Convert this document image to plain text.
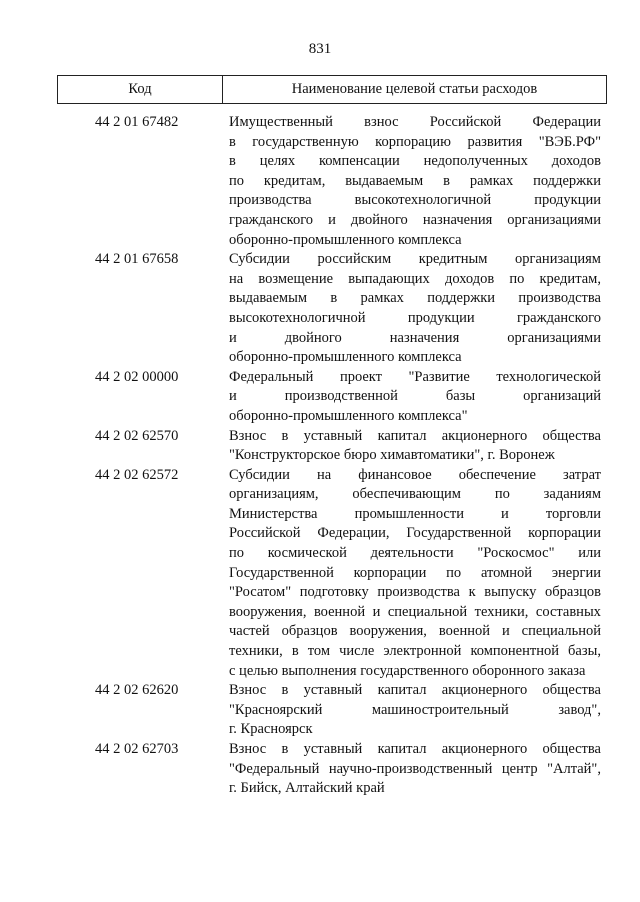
831
Код	Наименование целевой статьи расходов
44 2 01 67482	Имущественный взнос Российской Федерации
в государственную корпорацию развития "ВЭБ.РФ"
в целях компенсации недополученных доходов
по кредитам, выдаваемым в рамках поддержки
производства	высокотехнологичной	продукции
гражданского и двойного назначения организациями
оборонно-промышленного комплекса
44 2 01 67658	Субсидии российским кредитным организациям
на возмещение выпадающих доходов по кредитам,
выдаваемым в рамках поддержки производства
высокотехнологичной	продукции	гражданского
и	двойного	назначения	организациями
оборонно-промышленного комплекса
44 2 02 00000	Федеральный проект "Развитие технологической
и	производственной	базы	организаций
оборонно-промышленного комплекса"
44 2 02 62570	Взнос в уставный капитал акционерного общества
"Конструкторское бюро химавтоматики", г. Воронеж
44 2 02 62572	Субсидии на финансовое обеспечение затрат
организациям, обеспечивающим по заданиям
Министерства	промышленности	и	торговли
Российской Федерации, Государственной корпорации
по космической деятельности "Роскосмос" или
Государственной корпорации по атомной энергии
"Росатом" подготовку производства к выпуску образцов
вооружения, военной и специальной техники, составных
частей образцов вооружения, военной и специальной
техники, в том числе электронной компонентной базы,
с целью выполнения государственного оборонного заказа
44 2 02 62620	Взнос в уставный капитал акционерного общества
"Красноярский	машиностроительный	завод",
г. Красноярск
44 2 02 62703	Взнос в уставный капитал акционерного общества
"Федеральный научно-производственный центр "Алтай",
г. Бийск, Алтайский край
